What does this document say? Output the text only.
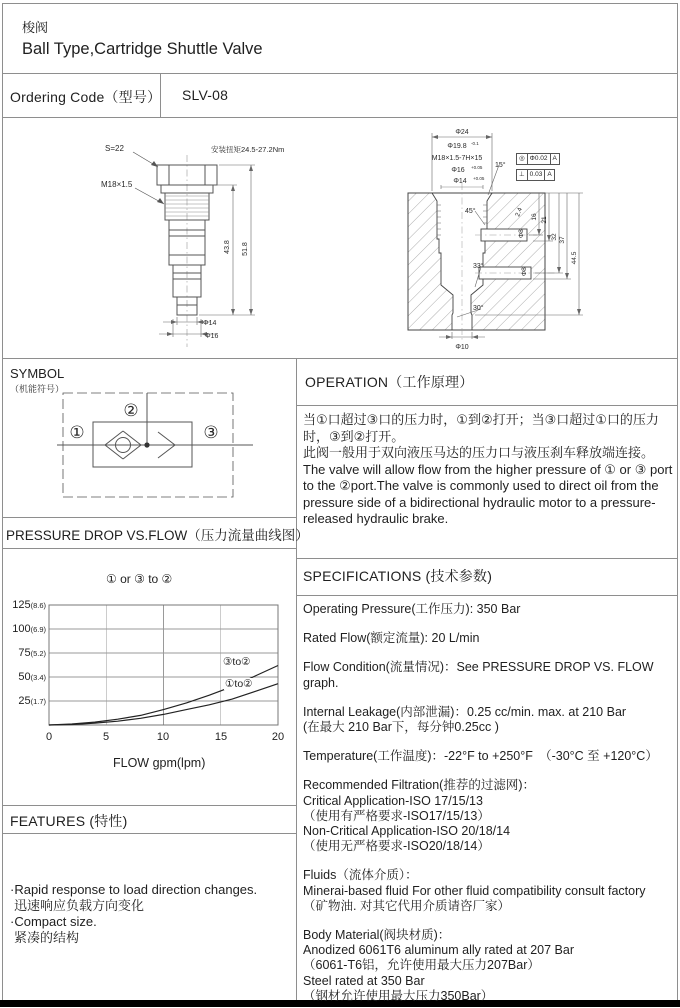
梭阀
Ball Type,Cartridge Shuttle Valve
Ordering Code（型号） SLV-08
S=22
M18×1.5
安装扭矩24.5-27.2Nm
43.8 51.8
Φ14
Φ16
Φ24
Φ19.8 -0.1
M18×1.5-7H×15
Φ16 +0.05
Φ14 +0.05
15°
45°	2.4
Φ8
Φ8
33°
30°
Φ10
16 21
32 37
44.5
◎ Φ0.02 A
⊥ 0.03 A
SYMBOL
（机能符号）
①
②
③
OPERATION（工作原理）
当①口超过③口的压力时，①到②打开；当③口超过①口的压力时，③到②打开。
此阀一般用于双向液压马达的压力口与液压刹车释放端连接。
The valve will allow flow from the higher pressure of ① or ③ port to the ②port.The valve is commonly used to direct oil from the pressure side of a bidirectional hydraulic motor to a pressure-released hydraulic brake.
PRESSURE DROP VS.FLOW（压力流量曲线图）
① or ③ to ②
125(8.6)
100(6.9)
75(5.2)
50(3.4)
25(1.7)
0	5	10	15	20
FLOW gpm(lpm)
③to②
①to②
SPECIFICATIONS (技术参数)
Operating Pressure(工作压力): 350 Bar
Rated Flow(额定流量): 20 L/min
Flow Condition(流量情况)：See PRESSURE DROP VS. FLOW graph.
Internal Leakage(内部泄漏)：0.25 cc/min. max. at 210 Bar
(在最大 210 Bar下，每分钟0.25cc )
Temperature(工作温度)：-22°F to +250°F　（-30°C 至 +120°C）
Recommended Filtration(推荐的过滤网)：
Critical Application-ISO 17/15/13
（使用有严格要求-ISO17/15/13）
Non-Critical Application-ISO 20/18/14
（使用无严格要求-ISO20/18/14）
Fluids（流体介质）：
Minerai-based fluid For other fluid compatibility consult factory
（矿物油. 对其它代用介质请咨厂家）
Body Material(阀块材质)：
Anodized 6061T6 aluminum ally rated at 207 Bar
（6061-T6铝，允许使用最大压力207Bar）
Steel rated at 350 Bar
（钢材允许使用最大压力350Bar）
FEATURES (特性)
·Rapid response to load direction changes.
迅速响应负载方向变化
·Compact size.
紧凑的结构
